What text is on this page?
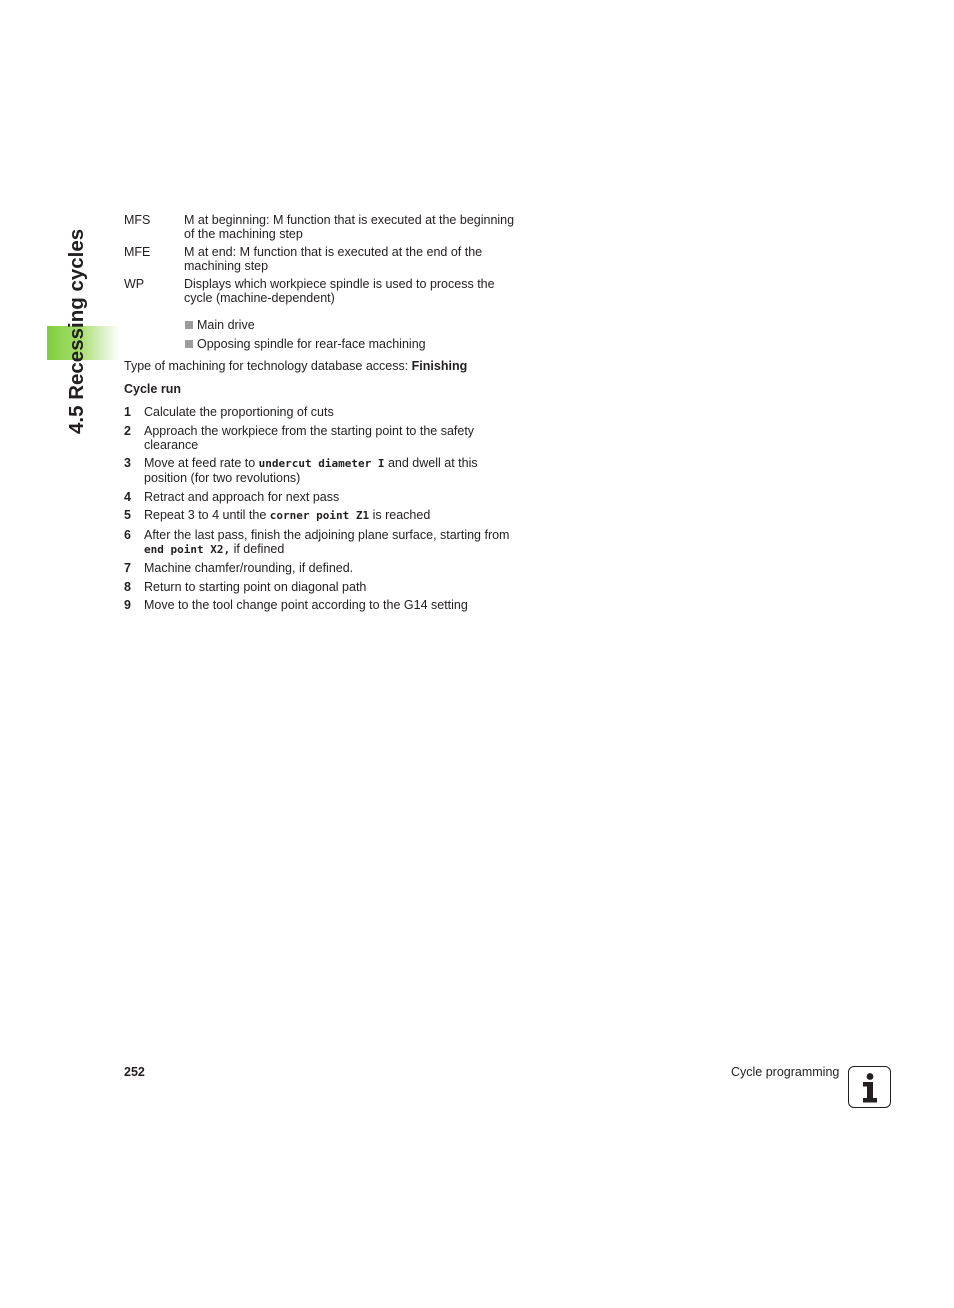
4.5 Recessing cycles
MFS	M at beginning: M function that is executed at the beginning of the machining step
MFE	M at end: M function that is executed at the end of the machining step
WP	Displays which workpiece spindle is used to process the cycle (machine-dependent)
Main drive
Opposing spindle for rear-face machining
Type of machining for technology database access: Finishing
Cycle run
1	Calculate the proportioning of cuts
2	Approach the workpiece from the starting point to the safety clearance
3	Move at feed rate to undercut diameter I and dwell at this position (for two revolutions)
4	Retract and approach for next pass
5	Repeat 3 to 4 until the corner point Z1 is reached
6	After the last pass, finish the adjoining plane surface, starting from end point X2, if defined
7	Machine chamfer/rounding, if defined.
8	Return to starting point on diagonal path
9	Move to the tool change point according to the G14 setting
252	Cycle programming
